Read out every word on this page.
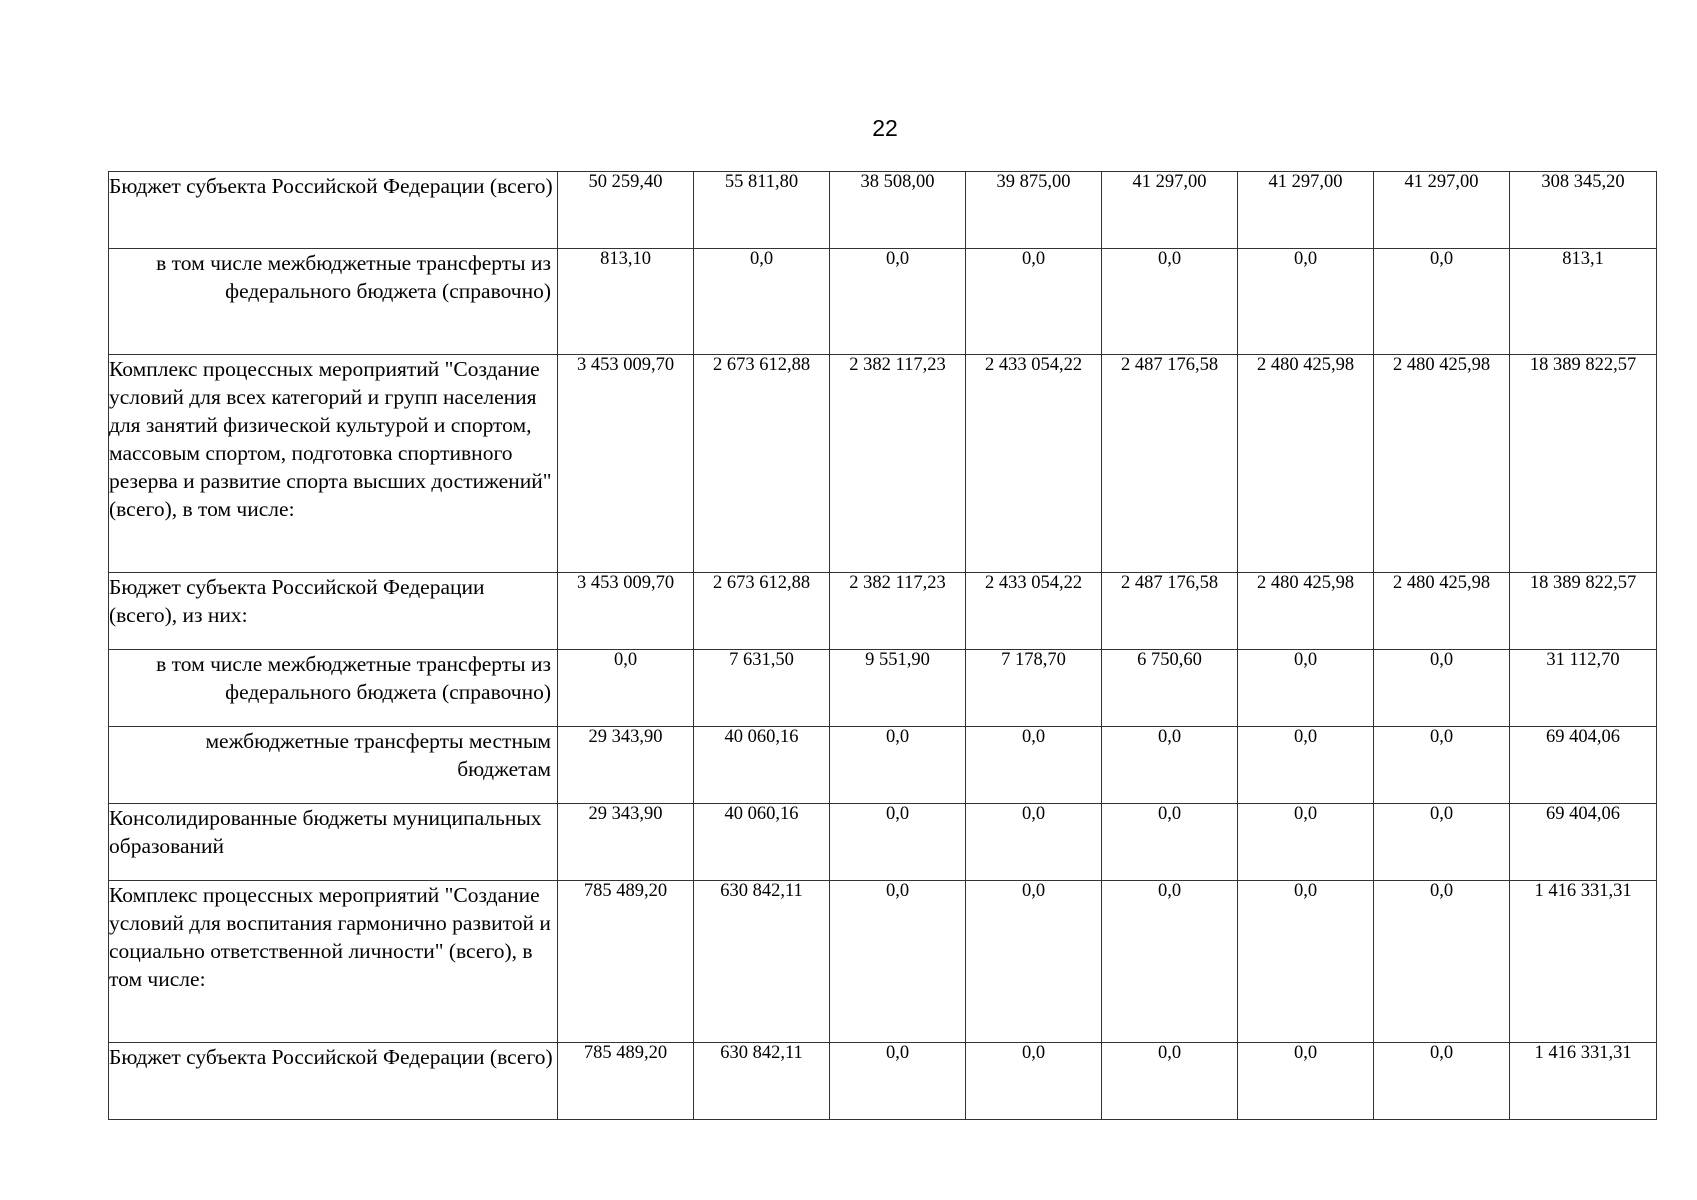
22
Бюджет субъекта Российской Федерации (всего)	50 259,40	55 811,80	38 508,00	39 875,00	41 297,00	41 297,00	41 297,00	308 345,20
в том числе межбюджетные трансферты из федерального бюджета (справочно)	813,10	0,0	0,0	0,0	0,0	0,0	0,0	813,1
Комплекс процессных мероприятий "Создание условий для всех категорий и групп населения для занятий физической культурой и спортом, массовым спортом, подготовка спортивного резерва и развитие спорта высших достижений" (всего), в том числе:	3 453 009,70	2 673 612,88	2 382 117,23	2 433 054,22	2 487 176,58	2 480 425,98	2 480 425,98	18 389 822,57
Бюджет субъекта Российской Федерации (всего), из них:	3 453 009,70	2 673 612,88	2 382 117,23	2 433 054,22	2 487 176,58	2 480 425,98	2 480 425,98	18 389 822,57
в том числе межбюджетные трансферты из федерального бюджета (справочно)	0,0	7 631,50	9 551,90	7 178,70	6 750,60	0,0	0,0	31 112,70
межбюджетные трансферты местным бюджетам	29 343,90	40 060,16	0,0	0,0	0,0	0,0	0,0	69 404,06
Консолидированные бюджеты муниципальных образований	29 343,90	40 060,16	0,0	0,0	0,0	0,0	0,0	69 404,06
Комплекс процессных мероприятий "Создание условий для воспитания гармонично развитой и социально ответственной личности" (всего), в том числе:	785 489,20	630 842,11	0,0	0,0	0,0	0,0	0,0	1 416 331,31
Бюджет субъекта Российской Федерации (всего)	785 489,20	630 842,11	0,0	0,0	0,0	0,0	0,0	1 416 331,31
